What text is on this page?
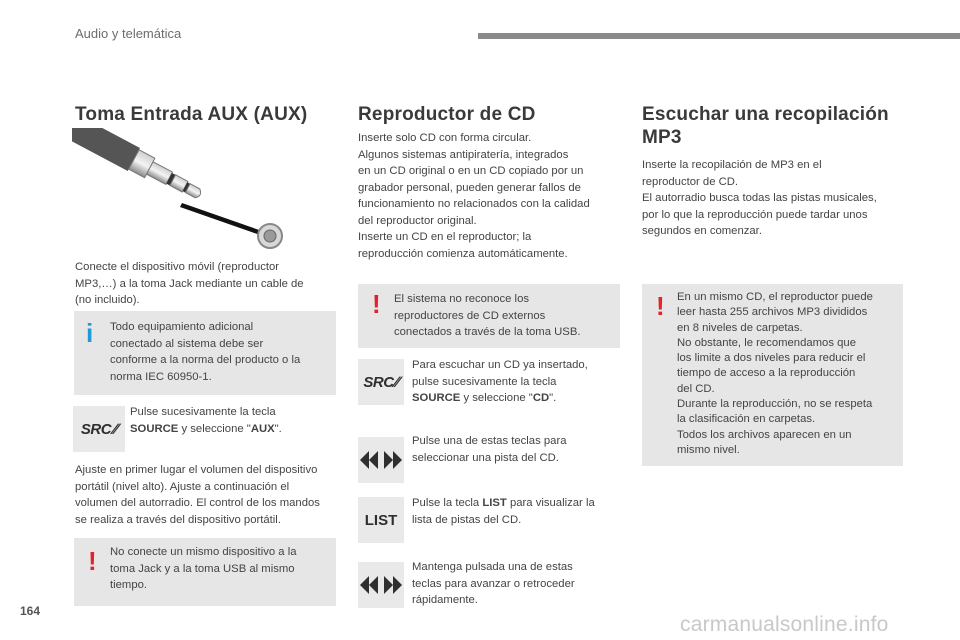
Audio y telemática
Toma Entrada AUX (AUX)
Conecte el dispositivo móvil (reproductor
MP3,…) a la toma Jack mediante un cable de
(no incluido).
i Todo equipamiento adicional
conectado al sistema debe ser
conforme a la norma del producto o la
norma IEC 60950-1.
SRC ∕∕
Pulse sucesivamente la tecla
SOURCE y seleccione "AUX".
Ajuste en primer lugar el volumen del dispositivo
portátil (nivel alto). Ajuste a continuación el
volumen del autorradio. El control de los mandos
se realiza a través del dispositivo portátil.
! No conecte un mismo dispositivo a la
toma Jack y a la toma USB al mismo
tiempo.
Reproductor de CD
Inserte solo CD con forma circular.
Algunos sistemas antipiratería, integrados
en un CD original o en un CD copiado por un
grabador personal, pueden generar fallos de
funcionamiento no relacionados con la calidad
del reproductor original.
Inserte un CD en el reproductor; la
reproducción comienza automáticamente.
! El sistema no reconoce los
reproductores de CD externos
conectados a través de la toma USB.
SRC ∕∕
Para escuchar un CD ya insertado,
pulse sucesivamente la tecla
SOURCE y seleccione "CD".
Pulse una de estas teclas para
seleccionar una pista del CD.
LIST
Pulse la tecla LIST para visualizar la
lista de pistas del CD.
Mantenga pulsada una de estas
teclas para avanzar o retroceder
rápidamente.
Escuchar una recopilación
MP3
Inserte la recopilación de MP3 en el
reproductor de CD.
El autorradio busca todas las pistas musicales,
por lo que la reproducción puede tardar unos
segundos en comenzar.
! En un mismo CD, el reproductor puede
leer hasta 255 archivos MP3 divididos
en 8 niveles de carpetas.
No obstante, le recomendamos que
los limite a dos niveles para reducir el
tiempo de acceso a la reproducción
del CD.
Durante la reproducción, no se respeta
la clasificación en carpetas.
Todos los archivos aparecen en un
mismo nivel.
164
carmanualsonline.info
